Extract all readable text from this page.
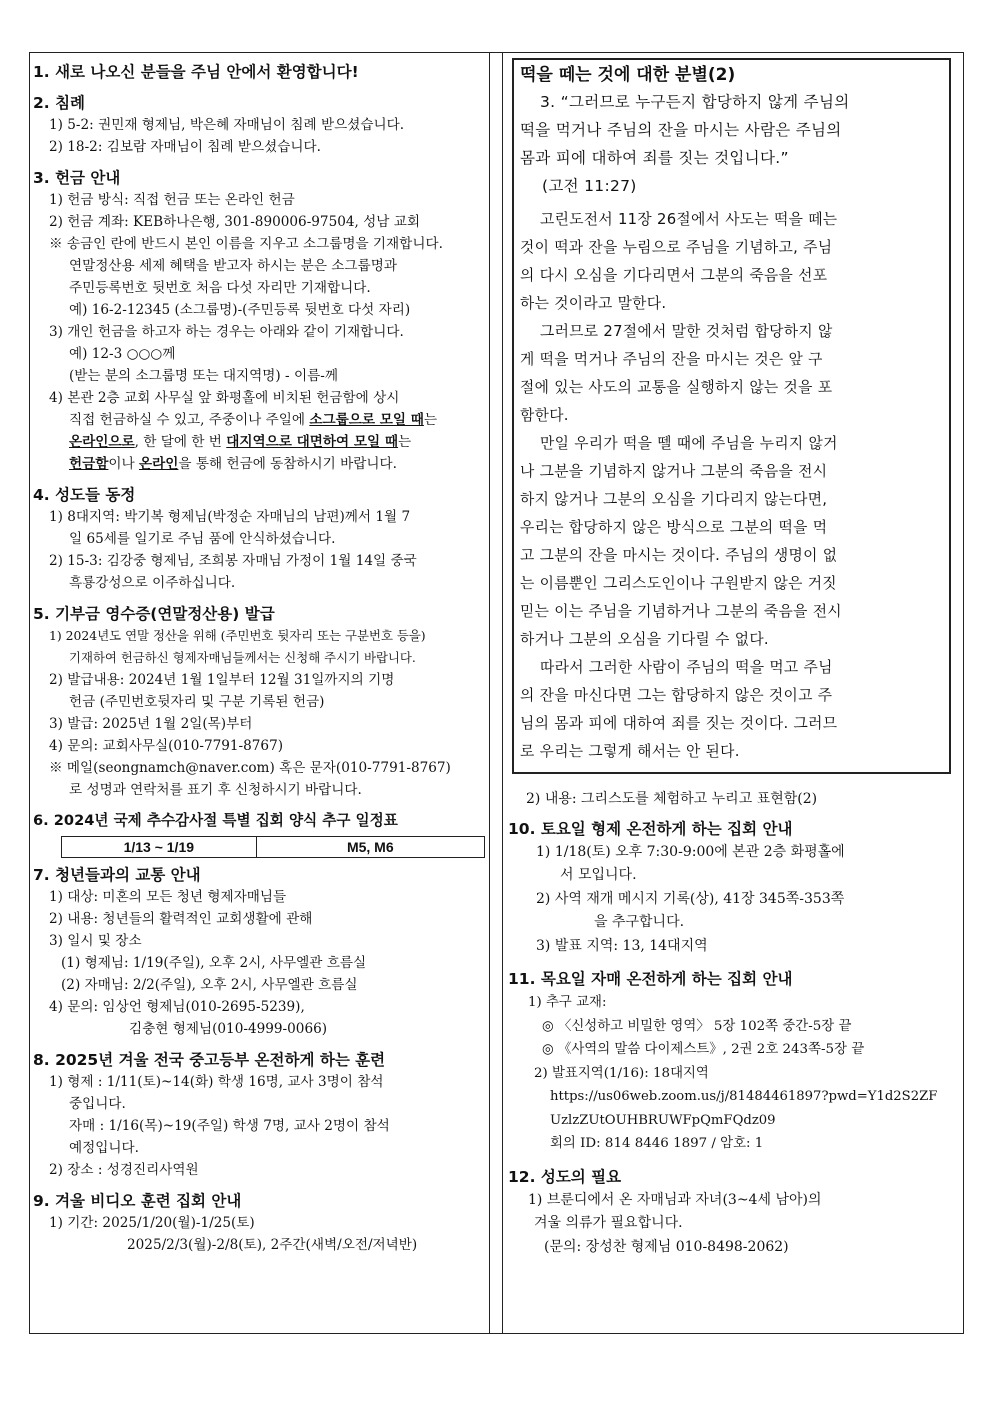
1. 새로 나오신 분들을 주님 안에서 환영합니다!
2. 침례
1) 5-2: 권민재 형제님, 박은혜 자매님이 침례 받으셨습니다.
2) 18-2: 김보람 자매님이 침례 받으셨습니다.
3. 헌금 안내
1) 헌금 방식: 직접 헌금 또는 온라인 헌금
2) 헌금 계좌: KEB하나은행, 301-890006-97504, 성남 교회
※ 송금인 란에 반드시 본인 이름을 지우고 소그룹명을 기재합니다.
연말정산용 세제 혜택을 받고자 하시는 분은 소그룹명과
주민등록번호 뒷번호 처음 다섯 자리만 기재합니다.
예) 16-2-12345 (소그룹명)-(주민등록 뒷번호 다섯 자리)
3) 개인 헌금을 하고자 하는 경우는 아래와 같이 기재합니다.
예) 12-3 ○○○께
(받는 분의 소그룹명 또는 대지역명) - 이름-께
4) 본관 2층 교회 사무실 앞 화평홀에 비치된 헌금함에 상시
직접 헌금하실 수 있고, 주중이나 주일에 소그룹으로 모일 때는
온라인으로, 한 달에 한 번 대지역으로 대면하여 모일 때는
헌금함이나 온라인을 통해 헌금에 동참하시기 바랍니다.
4. 성도들 동정
1) 8대지역: 박기복 형제님(박정순 자매님의 남편)께서 1월 7
일 65세를 일기로 주님 품에 안식하셨습니다.
2) 15-3: 김강중 형제님, 조희봉 자매님 가정이 1월 14일 중국
흑룡강성으로 이주하십니다.
5. 기부금 영수증(연말정산용) 발급
1) 2024년도 연말 정산을 위해 (주민번호 뒷자리 또는 구분번호 등을)
기재하여 헌금하신 형제자매님들께서는 신청해 주시기 바랍니다.
2) 발급내용: 2024년 1월 1일부터 12월 31일까지의 기명
헌금 (주민번호뒷자리 및 구분 기록된 헌금)
3) 발급: 2025년 1월 2일(목)부터
4) 문의: 교회사무실(010-7791-8767)
※ 메일(seongnamch@naver.com) 혹은 문자(010-7791-8767)
로 성명과 연락처를 표기 후 신청하시기 바랍니다.
6. 2024년 국제 추수감사절 특별 집회 양식 추구 일정표
1/13 ~ 1/19	M5, M6
7. 청년들과의 교통 안내
1) 대상: 미혼의 모든 청년 형제자매님들
2) 내용: 청년들의 활력적인 교회생활에 관해
3) 일시 및 장소
(1) 형제님: 1/19(주일), 오후 2시, 사무엘관 흐름실
(2) 자매님: 2/2(주일), 오후 2시, 사무엘관 흐름실
4) 문의: 임상언 형제님(010-2695-5239),
김충현 형제님(010-4999-0066)
8. 2025년 겨울 전국 중고등부 온전하게 하는 훈련
1) 형제 : 1/11(토)~14(화) 학생 16명, 교사 3명이 참석
중입니다.
자매 : 1/16(목)~19(주일) 학생 7명, 교사 2명이 참석
예정입니다.
2) 장소 : 성경진리사역원
9. 겨울 비디오 훈련 집회 안내
1) 기간: 2025/1/20(월)-1/25(토)
2025/2/3(월)-2/8(토), 2주간(새벽/오전/저녁반)
떡을 떼는 것에 대한 분별(2)
3. “그러므로 누구든지 합당하지 않게 주님의
떡을 먹거나 주님의 잔을 마시는 사람은 주님의
몸과 피에 대하여 죄를 짓는 것입니다.”
(고전 11:27)
고린도전서 11장 26절에서 사도는 떡을 떼는
것이 떡과 잔을 누림으로 주님을 기념하고, 주님
의 다시 오심을 기다리면서 그분의 죽음을 선포
하는 것이라고 말한다.
그러므로 27절에서 말한 것처럼 합당하지 않
게 떡을 먹거나 주님의 잔을 마시는 것은 앞 구
절에 있는 사도의 교통을 실행하지 않는 것을 포
함한다.
만일 우리가 떡을 뗄 때에 주님을 누리지 않거
나 그분을 기념하지 않거나 그분의 죽음을 전시
하지 않거나 그분의 오심을 기다리지 않는다면,
우리는 합당하지 않은 방식으로 그분의 떡을 먹
고 그분의 잔을 마시는 것이다. 주님의 생명이 없
는 이름뿐인 그리스도인이나 구원받지 않은 거짓
믿는 이는 주님을 기념하거나 그분의 죽음을 전시
하거나 그분의 오심을 기다릴 수 없다.
따라서 그러한 사람이 주님의 떡을 먹고 주님
의 잔을 마신다면 그는 합당하지 않은 것이고 주
님의 몸과 피에 대하여 죄를 짓는 것이다. 그러므
로 우리는 그렇게 해서는 안 된다.
2) 내용: 그리스도를 체험하고 누리고 표현함(2)
10. 토요일 형제 온전하게 하는 집회 안내
1) 1/18(토) 오후 7:30-9:00에 본관 2층 화평홀에
서 모입니다.
2) 사역 재개 메시지 기록(상), 41장 345쪽-353쪽
을 추구합니다.
3) 발표 지역: 13, 14대지역
11. 목요일 자매 온전하게 하는 집회 안내
1) 추구 교재:
◎ 〈신성하고 비밀한 영역〉 5장 102쪽 중간-5장 끝
◎ 《사역의 말씀 다이제스트》, 2권 2호 243쪽-5장 끝
2) 발표지역(1/16): 18대지역
https://us06web.zoom.us/j/81484461897?pwd=Y1d2S2ZF
UzlzZUtOUHBRUWFpQmFQdz09
회의 ID: 814 8446 1897 / 암호: 1
12. 성도의 필요
1) 브룬디에서 온 자매님과 자녀(3~4세 남아)의
겨울 의류가 필요합니다.
(문의: 장성찬 형제님 010-8498-2062)
